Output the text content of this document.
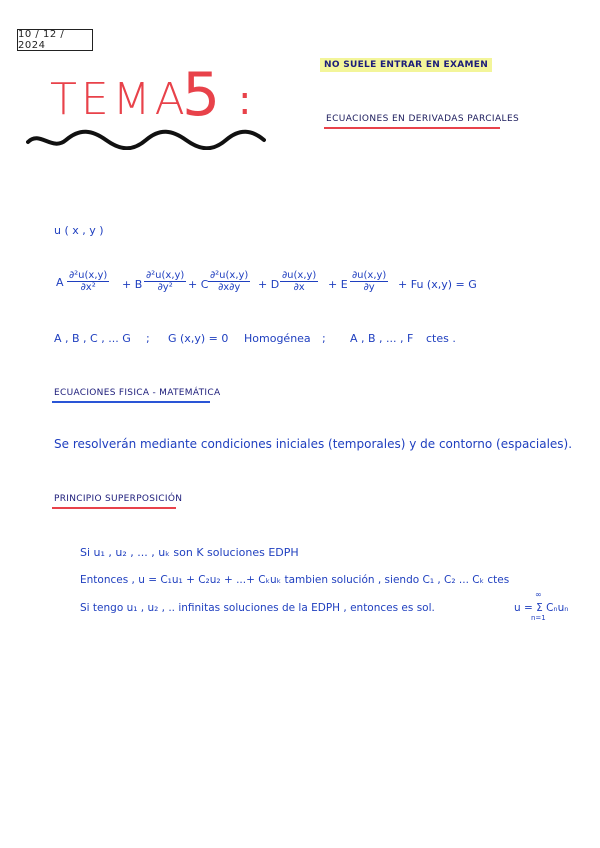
10 / 12 / 2024
TEMA
5 :
NO SUELE ENTRAR EN EXAMEN
ECUACIONES EN DERIVADAS PARCIALES
u ( x , y )
A $\frac{\text{∂²u(x,y)}}{\text{∂x²}} + B \frac{\text{∂²u(x,y)}}{\text{∂y²}} + C \frac{\text{∂²u(x,y)}}{\partial x\partial y} + D \frac{\partial u(x,y)}{\partial x} + E \frac{\partial u(x,y)}{\partial y} + Fu$ (x,y) = G
A , B , C , ... G ; G (x,y) = 0 Homogénea ; A , B , ... , F ctes .
ECUACIONES FISICA - MATEMÁTICA
Se resolverán mediante condiciones iniciales (temporales) y de contorno (espaciales).
PRINCIPIO SUPERPOSICIÓN
Si u₁ , u₂ , ... , uₖ son K soluciones EDPH
Entonces , u = C₁u₁ + C₂u₂ + ...+ Cₖuₖ tambien solución , siendo C₁ , C₂ ... Cₖ ctes
Si tengo u₁ , u₂ , .. infinitas soluciones de la EDPH , entonces es sol.	u = Σ Cₙuₙ
∞
n=1
